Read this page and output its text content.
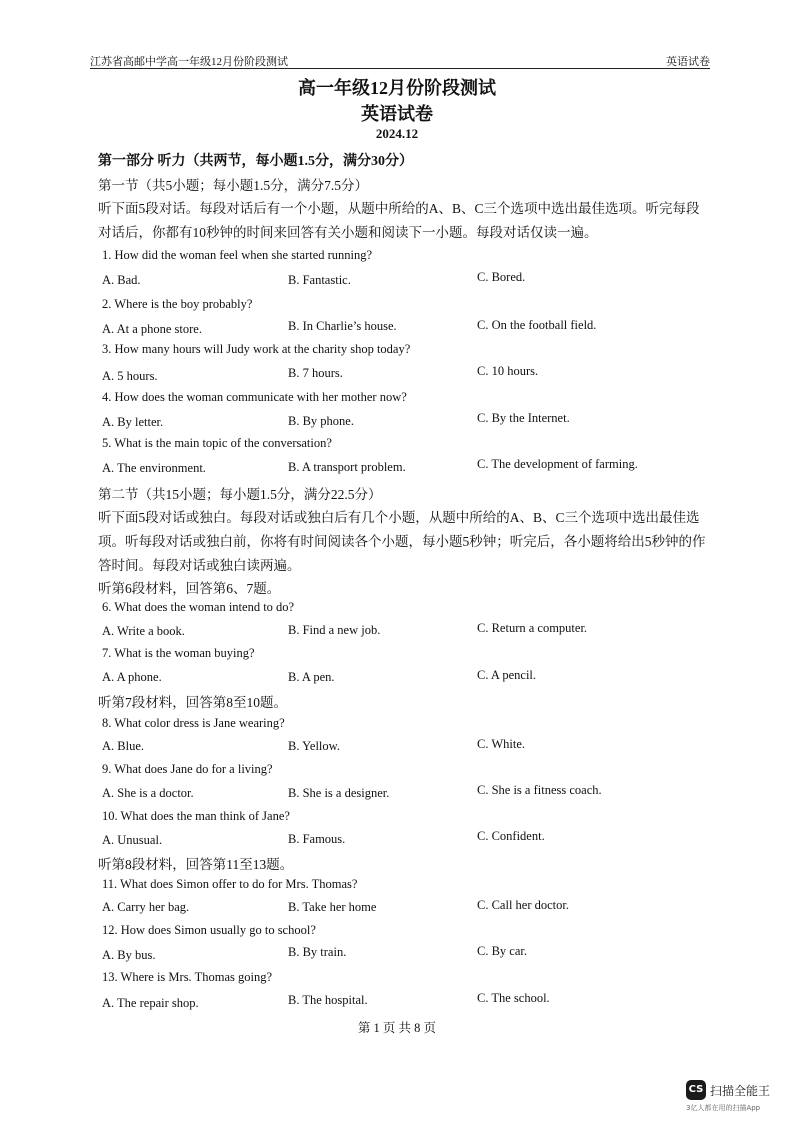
江苏省高邮中学高一年级12月份阶段测试	英语试卷
高一年级12月份阶段测试
英语试卷
2024.12
第一部分 听力（共两节，每小题1.5分，满分30分）
第一节（共5小题；每小题1.5分，满分7.5分）
听下面5段对话。每段对话后有一个小题，从题中所给的A、B、C三个选项中选出最佳选项。听完每段
对话后，你都有10秒钟的时间来回答有关小题和阅读下一小题。每段对话仅读一遍。
1. How did the woman feel when she started running?
A. Bad.	B. Fantastic.	C. Bored.
2. Where is the boy probably?
A. At a phone store.	B. In Charlie’s house.	C. On the football field.
3. How many hours will Judy work at the charity shop today?
A. 5 hours.	B. 7 hours.	C. 10 hours.
4. How does the woman communicate with her mother now?
A. By letter.	B. By phone.	C. By the Internet.
5. What is the main topic of the conversation?
A. The environment.	B. A transport problem.	C. The development of farming.
第二节（共15小题；每小题1.5分，满分22.5分）
听下面5段对话或独白。每段对话或独白后有几个小题，从题中所给的A、B、C三个选项中选出最佳选
项。听每段对话或独白前，你将有时间阅读各个小题，每小题5秒钟；听完后，各小题将给出5秒钟的作
答时间。每段对话或独白读两遍。
听第6段材料，回答第6、7题。
6. What does the woman intend to do?
A. Write a book.	B. Find a new job.	C. Return a computer.
7. What is the woman buying?
A. A phone.	B. A pen.	C. A pencil.
听第7段材料，回答第8至10题。
8. What color dress is Jane wearing?
A. Blue.	B. Yellow.	C. White.
9. What does Jane do for a living?
A. She is a doctor.	B. She is a designer.	C. She is a fitness coach.
10. What does the man think of Jane?
A. Unusual.	B. Famous.	C. Confident.
听第8段材料，回答第11至13题。
11. What does Simon offer to do for Mrs. Thomas?
A. Carry her bag.	B. Take her home	C. Call her doctor.
12. How does Simon usually go to school?
A. By bus.	B. By train.	C. By car.
13. Where is Mrs. Thomas going?
A. The repair shop.	B. The hospital.	C. The school.
第 1 页 共 8 页
CS 扫描全能王
3亿人都在用的扫描App
